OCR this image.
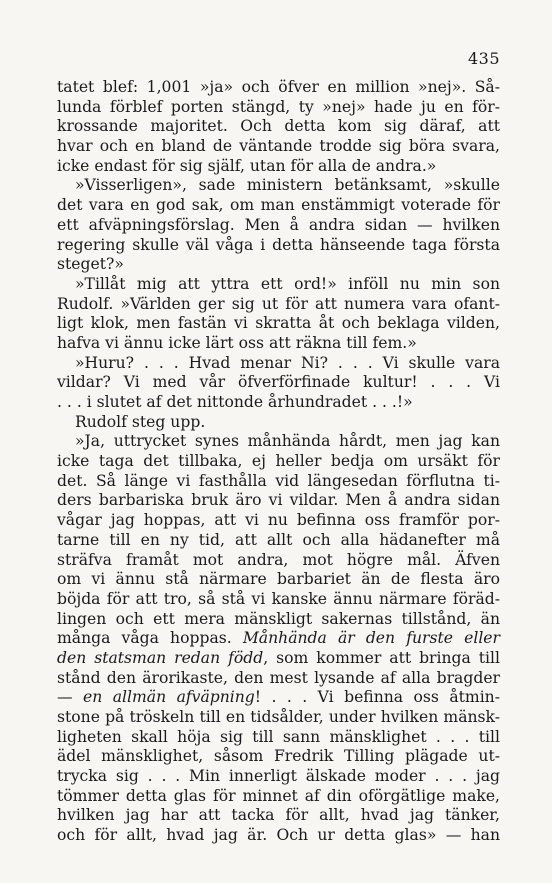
435
tatet blef: 1,001 »ja» och öfver en million »nej». Så-
lunda förblef porten stängd, ty »nej» hade ju en för-
krossande majoritet. Och detta kom sig däraf, att
hvar och en bland de väntande trodde sig böra svara,
icke endast för sig själf, utan för alla de andra.»
»Visserligen», sade ministern betänksamt, »skulle
det vara en god sak, om man enstämmigt voterade för
ett afväpningsförslag. Men å andra sidan — hvilken
regering skulle väl våga i detta hänseende taga första
steget?»
»Tillåt mig att yttra ett ord!» inföll nu min son
Rudolf. »Världen ger sig ut för att numera vara ofant-
ligt klok, men fastän vi skratta åt och beklaga vilden,
hafva vi ännu icke lärt oss att räkna till fem.»
»Huru? . . . Hvad menar Ni? . . . Vi skulle vara
vildar? Vi med vår öfverförfinade kultur! . . . Vi
. . . i slutet af det nittonde århundradet . . .!»
Rudolf steg upp.
»Ja, uttrycket synes månhända hårdt, men jag kan
icke taga det tillbaka, ej heller bedja om ursäkt för
det. Så länge vi fasthålla vid längesedan förflutna ti-
ders barbariska bruk äro vi vildar. Men å andra sidan
vågar jag hoppas, att vi nu befinna oss framför por-
tarne till en ny tid, att allt och alla hädanefter må
sträfva framåt mot andra, mot högre mål. Äfven
om vi ännu stå närmare barbariet än de flesta äro
böjda för att tro, så stå vi kanske ännu närmare föräd-
lingen och ett mera mänskligt sakernas tillstånd, än
många våga hoppas. Månhända är den furste eller
den statsman redan född, som kommer att bringa till
stånd den ärorikaste, den mest lysande af alla bragder
— en allmän afväpning! . . . Vi befinna oss åtmin-
stone på tröskeln till en tidsålder, under hvilken mänsk-
ligheten skall höja sig till sann mänsklighet . . . till
ädel mänsklighet, såsom Fredrik Tilling plägade ut-
trycka sig . . . Min innerligt älskade moder . . . jag
tömmer detta glas för minnet af din oförgätlige make,
hvilken jag har att tacka för allt, hvad jag tänker,
och för allt, hvad jag är. Och ur detta glas» — han
